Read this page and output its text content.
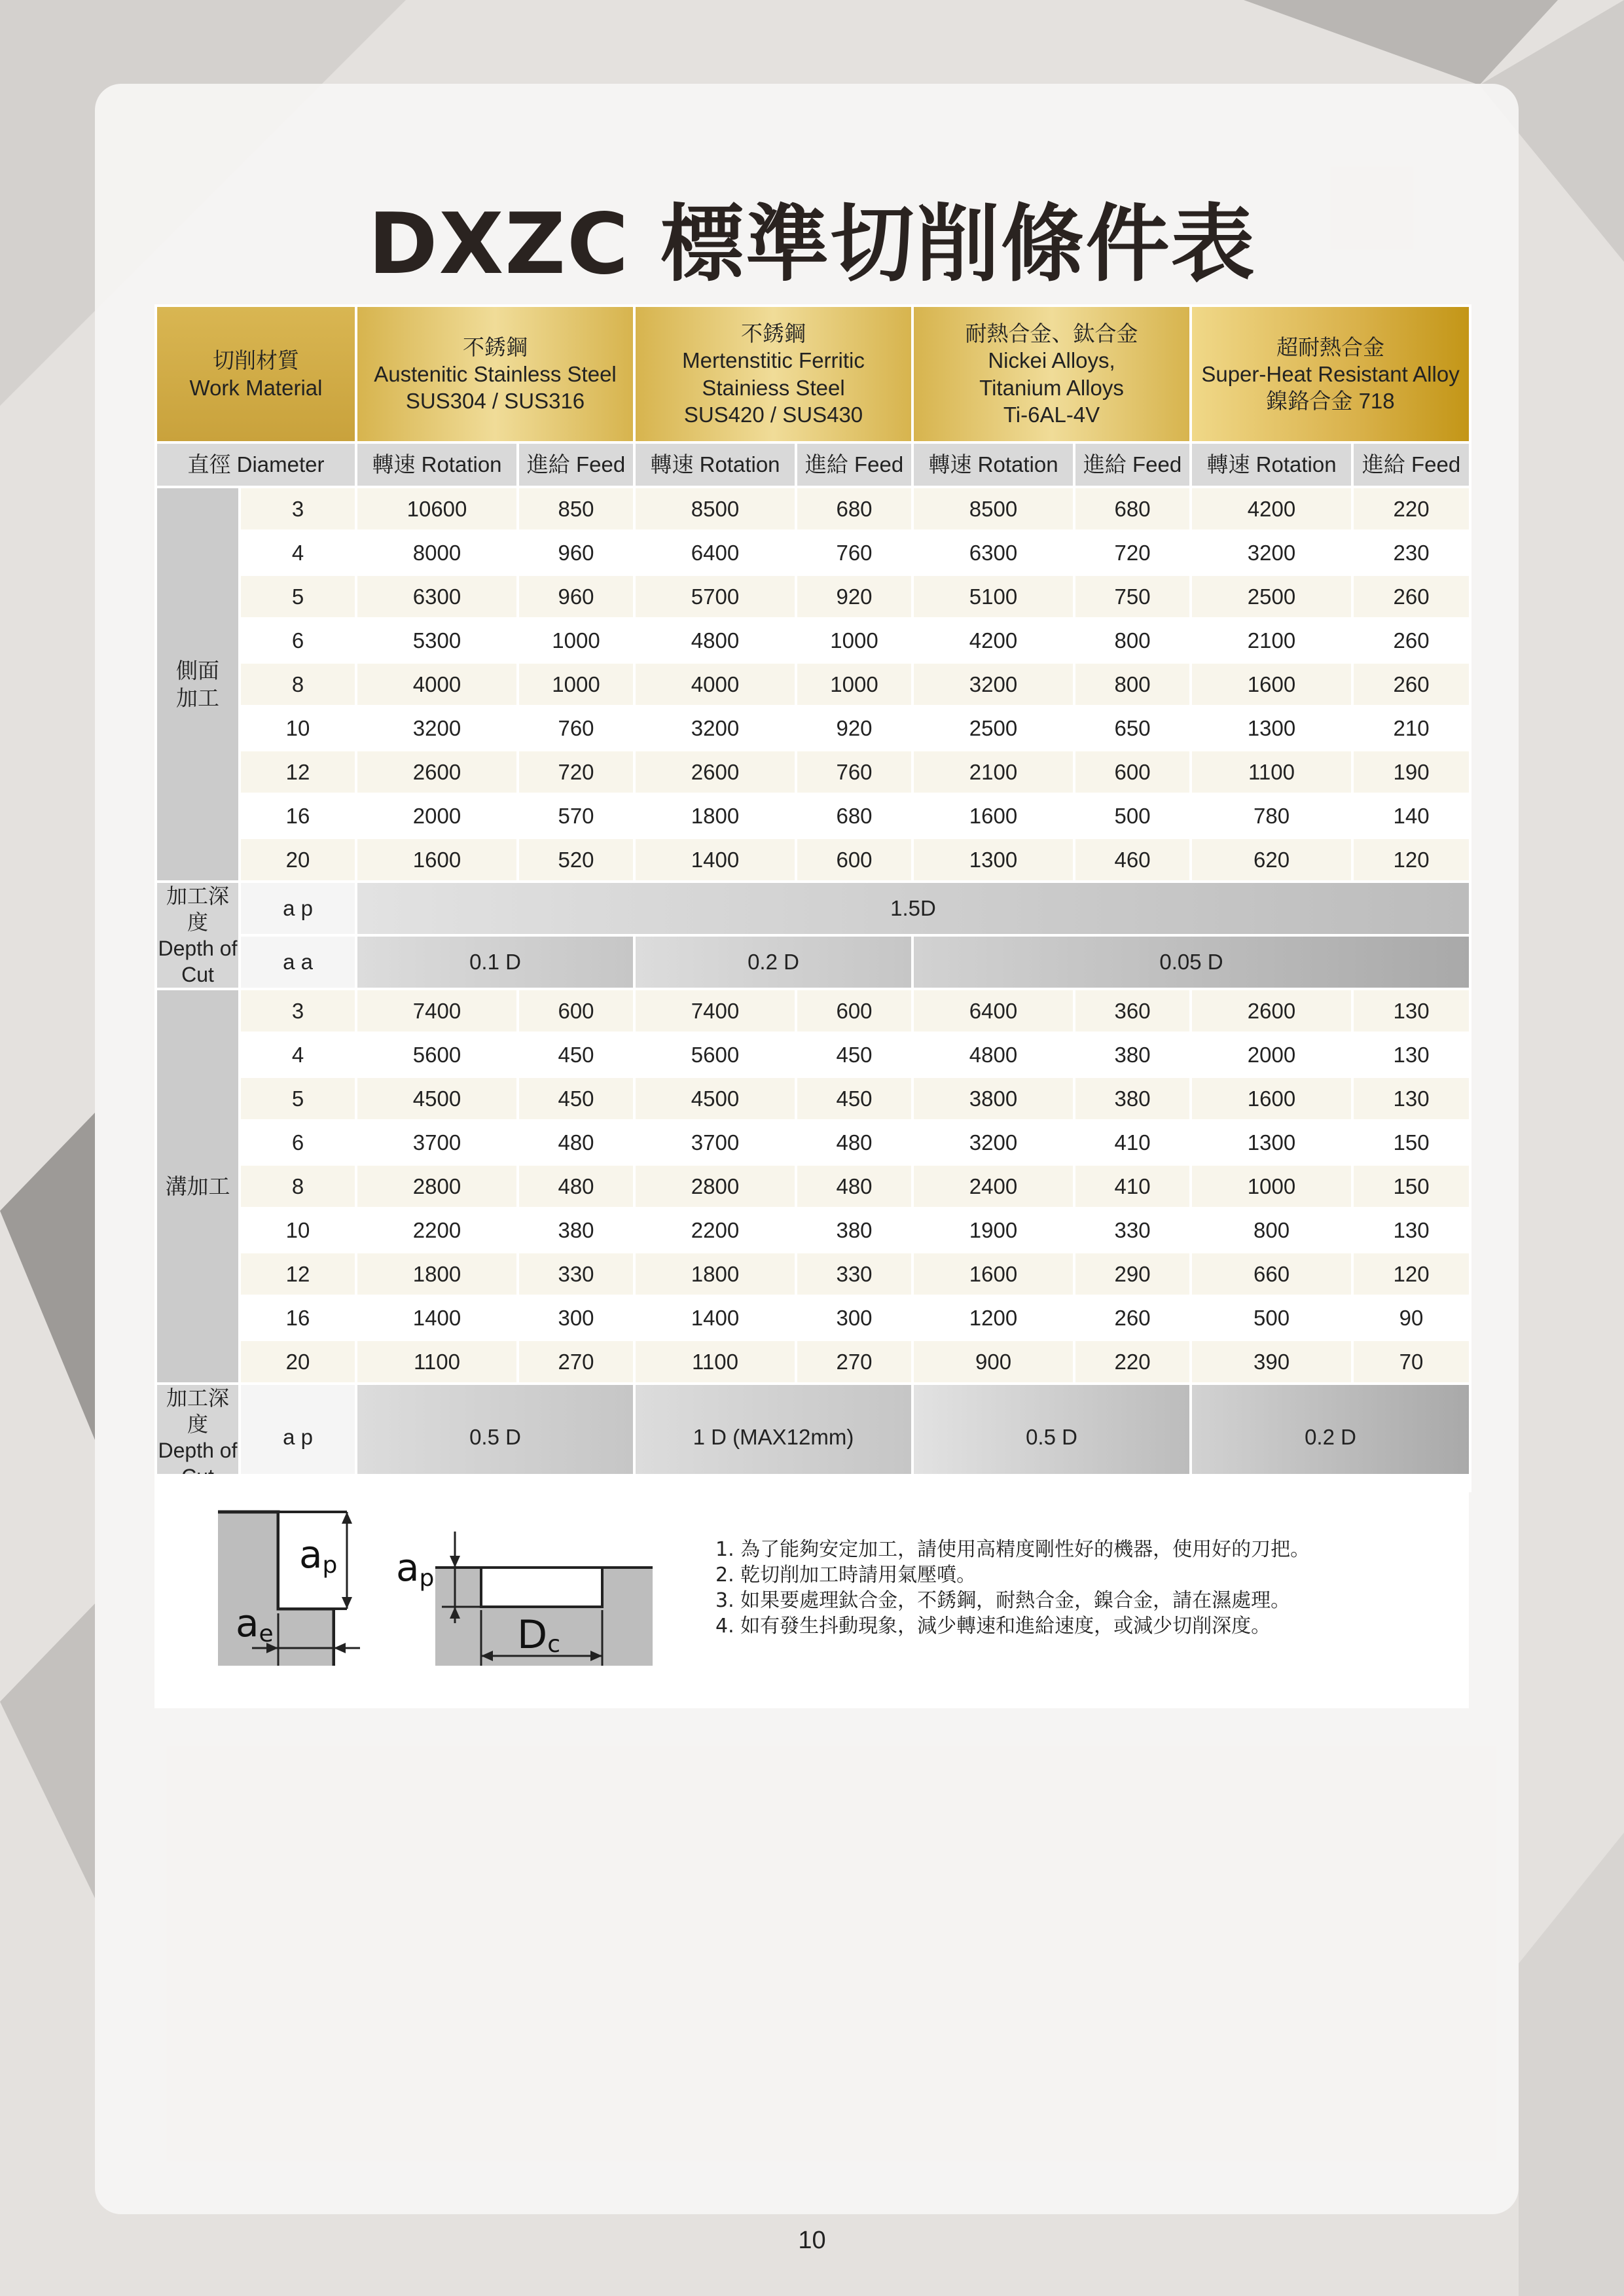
DXZC 標準切削條件表
切削材質
Work Material		不銹鋼
Austenitic Stainless Steel
SUS304 / SUS316		不銹鋼
Mertenstitic Ferritic
Stainiess Steel
SUS420 / SUS430		耐熱合金、鈦合金
Nickei Alloys,
Titanium Alloys
Ti-6AL-4V		超耐熱合金
Super-Heat Resistant Alloy
鎳鉻合金 718	
直徑 Diameter		轉速 Rotation	進給 Feed	轉速 Rotation	進給 Feed	轉速 Rotation	進給 Feed	轉速 Rotation	進給 Feed
側面
加工	3	10600	850	8500	680	8500	680	4200	220
	4	8000	960	6400	760	6300	720	3200	230
	5	6300	960	5700	920	5100	750	2500	260
	6	5300	1000	4800	1000	4200	800	2100	260
	8	4000	1000	4000	1000	3200	800	1600	260
	10	3200	760	3200	920	2500	650	1300	210
	12	2600	720	2600	760	2100	600	1100	190
	16	2000	570	1800	680	1600	500	780	140
	20	1600	520	1400	600	1300	460	620	120
加工深度
Depth of Cut	a p	1.5D							
	a a	0.1 D		0.2 D		0.05 D			
溝加工	3	7400	600	7400	600	6400	360	2600	130
	4	5600	450	5600	450	4800	380	2000	130
	5	4500	450	4500	450	3800	380	1600	130
	6	3700	480	3700	480	3200	410	1300	150
	8	2800	480	2800	480	2400	410	1000	150
	10	2200	380	2200	380	1900	330	800	130
	12	1800	330	1800	330	1600	290	660	120
	16	1400	300	1400	300	1200	260	500	90
	20	1100	270	1100	270	900	220	390	70
加工深度
Depth of	a p	0.5 D		1 D (MAX12mm)		0.5 D		0.2 D	
ap
ae
ap
Dc
1. 為了能夠安定加工，請使用高精度剛性好的機器，使用好的刀把。
2. 乾切削加工時請用氣壓噴。
3. 如果要處理鈦合金，不銹鋼，耐熱合金，鎳合金，請在濕處理。
4. 如有發生抖動現象，減少轉速和進給速度，或減少切削深度。
10
